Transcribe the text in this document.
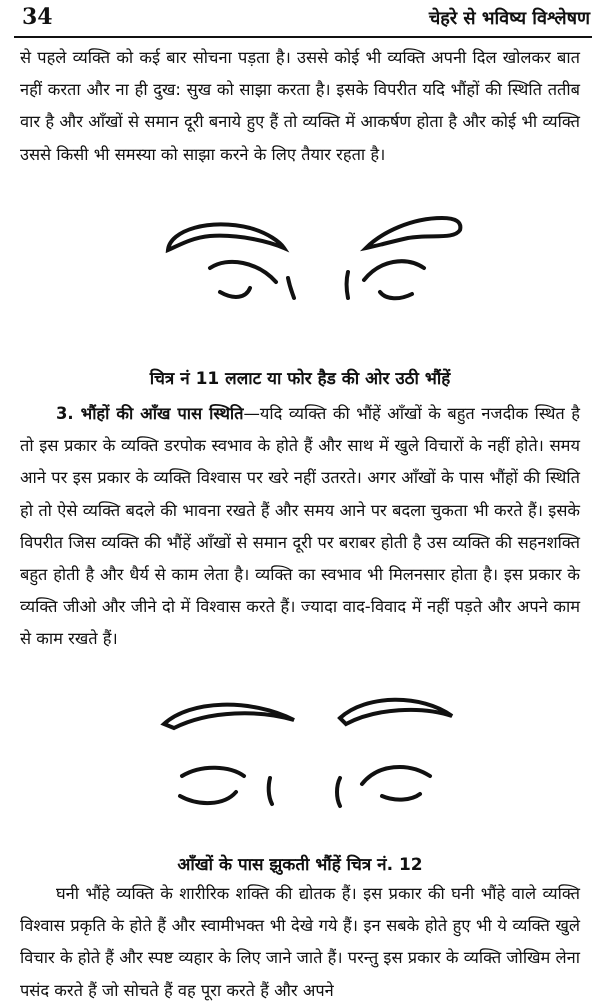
34	चेहरे से भविष्य विश्लेषण

से पहले व्यक्ति को कई बार सोचना पड़ता है। उससे कोई भी व्यक्ति अपनी दिल खोलकर बात नहीं करता और ना ही दुख: सुख को साझा करता है। इसके विपरीत यदि भौंहों की स्थिति ततीब वार है और आँखों से समान दूरी बनाये हुए हैं तो व्यक्ति में आकर्षण होता है और कोई भी व्यक्ति उससे किसी भी समस्या को साझा करने के लिए तैयार रहता है।

चित्र नं 11 ललाट या फोर हैड की ओर उठी भौंहें

3. भौंहों की आँख पास स्थिति—यदि व्यक्ति की भौंहें आँखों के बहुत नजदीक स्थित है तो इस प्रकार के व्यक्ति डरपोक स्वभाव के होते हैं और साथ में खुले विचारों के नहीं होते। समय आने पर इस प्रकार के व्यक्ति विश्वास पर खरे नहीं उतरते। अगर आँखों के पास भौंहों की स्थिति हो तो ऐसे व्यक्ति बदले की भावना रखते हैं और समय आने पर बदला चुकता भी करते हैं। इसके विपरीत जिस व्यक्ति की भौंहें आँखों से समान दूरी पर बराबर होती है उस व्यक्ति की सहनशक्ति बहुत होती है और धैर्य से काम लेता है। व्यक्ति का स्वभाव भी मिलनसार होता है। इस प्रकार के व्यक्ति जीओ और जीने दो में विश्वास करते हैं। ज्यादा वाद-विवाद में नहीं पड़ते और अपने काम से काम रखते हैं।

आँखों के पास झुकती भौंहें चित्र नं. 12

घनी भौंहे व्यक्ति के शारीरिक शक्ति की द्योतक हैं। इस प्रकार की घनी भौंहे वाले व्यक्ति विश्वास प्रकृति के होते हैं और स्वामीभक्त भी देखे गये हैं। इन सबके होते हुए भी ये व्यक्ति खुले विचार के होते हैं और स्पष्ट व्यहार के लिए जाने जाते हैं। परन्तु इस प्रकार के व्यक्ति जोखिम लेना पसंद करते हैं जो सोचते हैं वह पूरा करते हैं और अपने
